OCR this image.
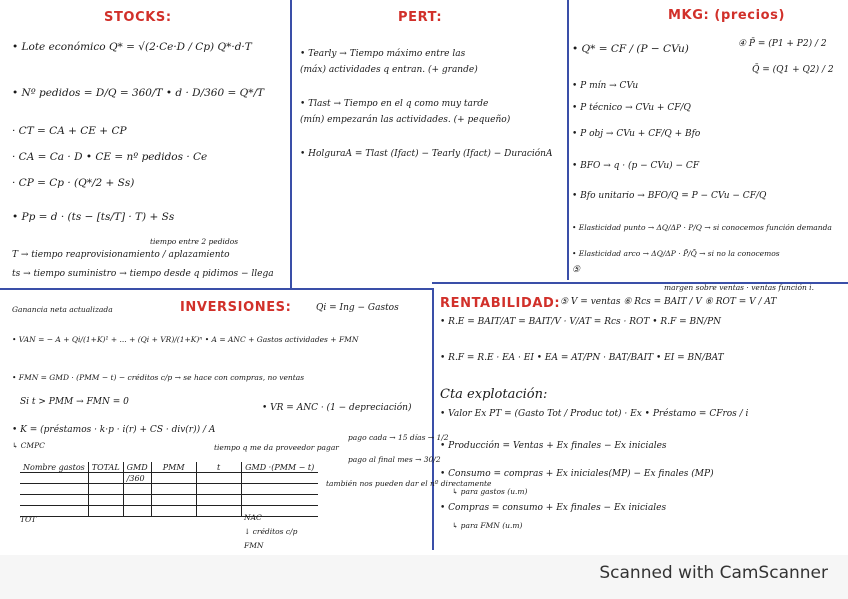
STOCKS:
• Lote económico Q* = √(2·Ce·D / Cp) Q*·d·T
• Nº pedidos = D/Q = 360/T • d · D/360 = Q*/T
· CT = CA + CE + CP
· CA = Ca · D • CE = nº pedidos · Ce
· CP = Cp · (Q*/2 + Ss)
• Pp = d · (ts − [ts/T] · T) + Ss
tiempo entre 2 pedidos
T → tiempo reaprovisionamiento / aplazamiento
ts → tiempo suministro → tiempo desde q pidimos − llega
PERT:
• Tearly → Tiempo máximo entre las
(máx) actividades q entran. (+ grande)
• Tlast → Tiempo en el q como muy tarde
(mín) empezarán las actividades. (+ pequeño)
• HolguraA = Tlast (Ifact) − Tearly (Ifact) − DuraciónA
MKG: (precios)
• Q* = CF / (P − CVu)	④ P̄ = (P1 + P2) / 2
Q̄ = (Q1 + Q2) / 2
• P mín → CVu
• P técnico → CVu + CF/Q
• P obj → CVu + CF/Q + Bfo
• BFO → q · (p − CVu) − CF
• Bfo unitario → BFO/Q = P − CVu − CF/Q
• Elasticidad punto → ΔQ/ΔP · P/Q → si conocemos función demanda
• Elasticidad arco → ΔQ/ΔP · P̄/Q̄ → si no la conocemos
⑤
Ganancia neta actualizada	INVERSIONES:	Qi = Ing − Gastos
• VAN = − A + Qi/(1+K)¹ + ... + (Qi + VR)/(1+K)ⁿ • A = ANC + Gastos actividades + FMN
• FMN = GMD · (PMM − t) − créditos c/p → se hace con compras, no ventas
Si t > PMM → FMN = 0
• VR = ANC · (1 − depreciación)
• K = (préstamos · k·p · i(r) + CS · div(r)) / A
↳ CMPC	tiempo q me da proveedor pagar
pago cada → 15 días → 1/2
pago al final mes → 30/2
también nos pueden dar el nº directamente
Nombre gastos	TOTAL	GMD	PMM	t	GMD ·(PMM − t)
		/360			

TOT	NAC
↓ créditos c/p
FMN
RENTABILIDAD:
margen sobre ventas · ventas función i.
⑤ V = ventas ⑥ Rcs = BAIT / V ⑥ ROT = V / AT
• R.E = BAIT/AT = BAIT/V · V/AT = Rcs · ROT • R.F = BN/PN
• R.F = R.E · EA · EI • EA = AT/PN · BAT/BAIT • EI = BN/BAT
Cta explotación:
• Valor Ex PT = (Gasto Tot / Produc tot) · Ex • Préstamo = CFros / i
• Producción = Ventas + Ex finales − Ex iniciales
• Consumo = compras + Ex iniciales(MP) − Ex finales (MP)
↳ para gastos (u.m)
• Compras = consumo + Ex finales − Ex iniciales
↳ para FMN (u.m)
Scanned with CamScanner
